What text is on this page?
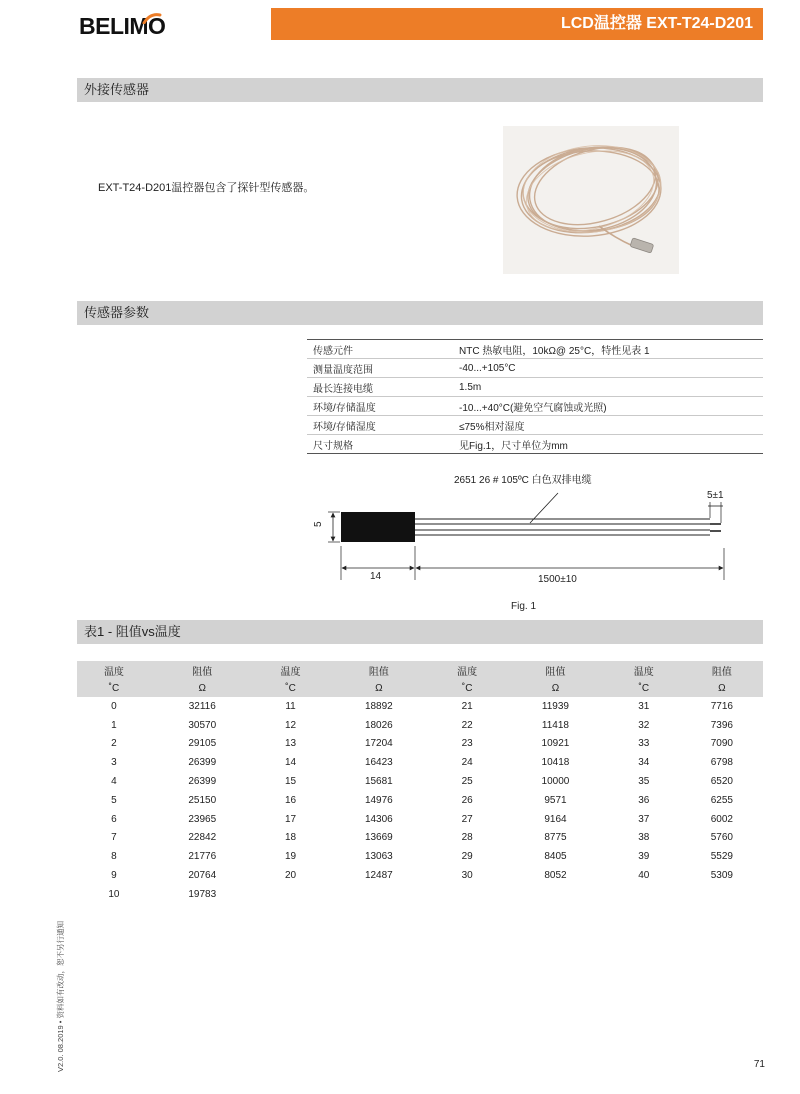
BELIMO	LCD温控器 EXT-T24-D201
外接传感器
EXT-T24-D201温控器包含了探针型传感器。
传感器参数
传感元件	NTC 热敏电阻，10kΩ@ 25°C，特性见表 1
测量温度范围	-40...+105°C
最长连接电缆	1.5m
环境/存储温度	-10...+40°C(避免空气腐蚀或光照)
环境/存储湿度	≤75%相对湿度
尺寸规格	见Fig.1，尺寸单位为mm
2651 26 # 105ºC 白色双排电缆
5
5±1
14	1500±10
Fig. 1
表1 - 阻值vs温度
温度	阻值	温度	阻值	温度	阻值	温度	阻值
˚C	Ω	˚C	Ω	˚C	Ω	˚C	Ω
0	32116	11	18892	21	11939	31	7716
1	30570	12	18026	22	11418	32	7396
2	29105	13	17204	23	10921	33	7090
3	26399	14	16423	24	10418	34	6798
4	26399	15	15681	25	10000	35	6520
5	25150	16	14976	26	9571	36	6255
6	23965	17	14306	27	9164	37	6002
7	22842	18	13669	28	8775	38	5760
8	21776	19	13063	29	8405	39	5529
9	20764	20	12487	30	8052	40	5309
10	19783						
V2.0. 08.2019 • 资料如有改动，恕不另行通知	71
